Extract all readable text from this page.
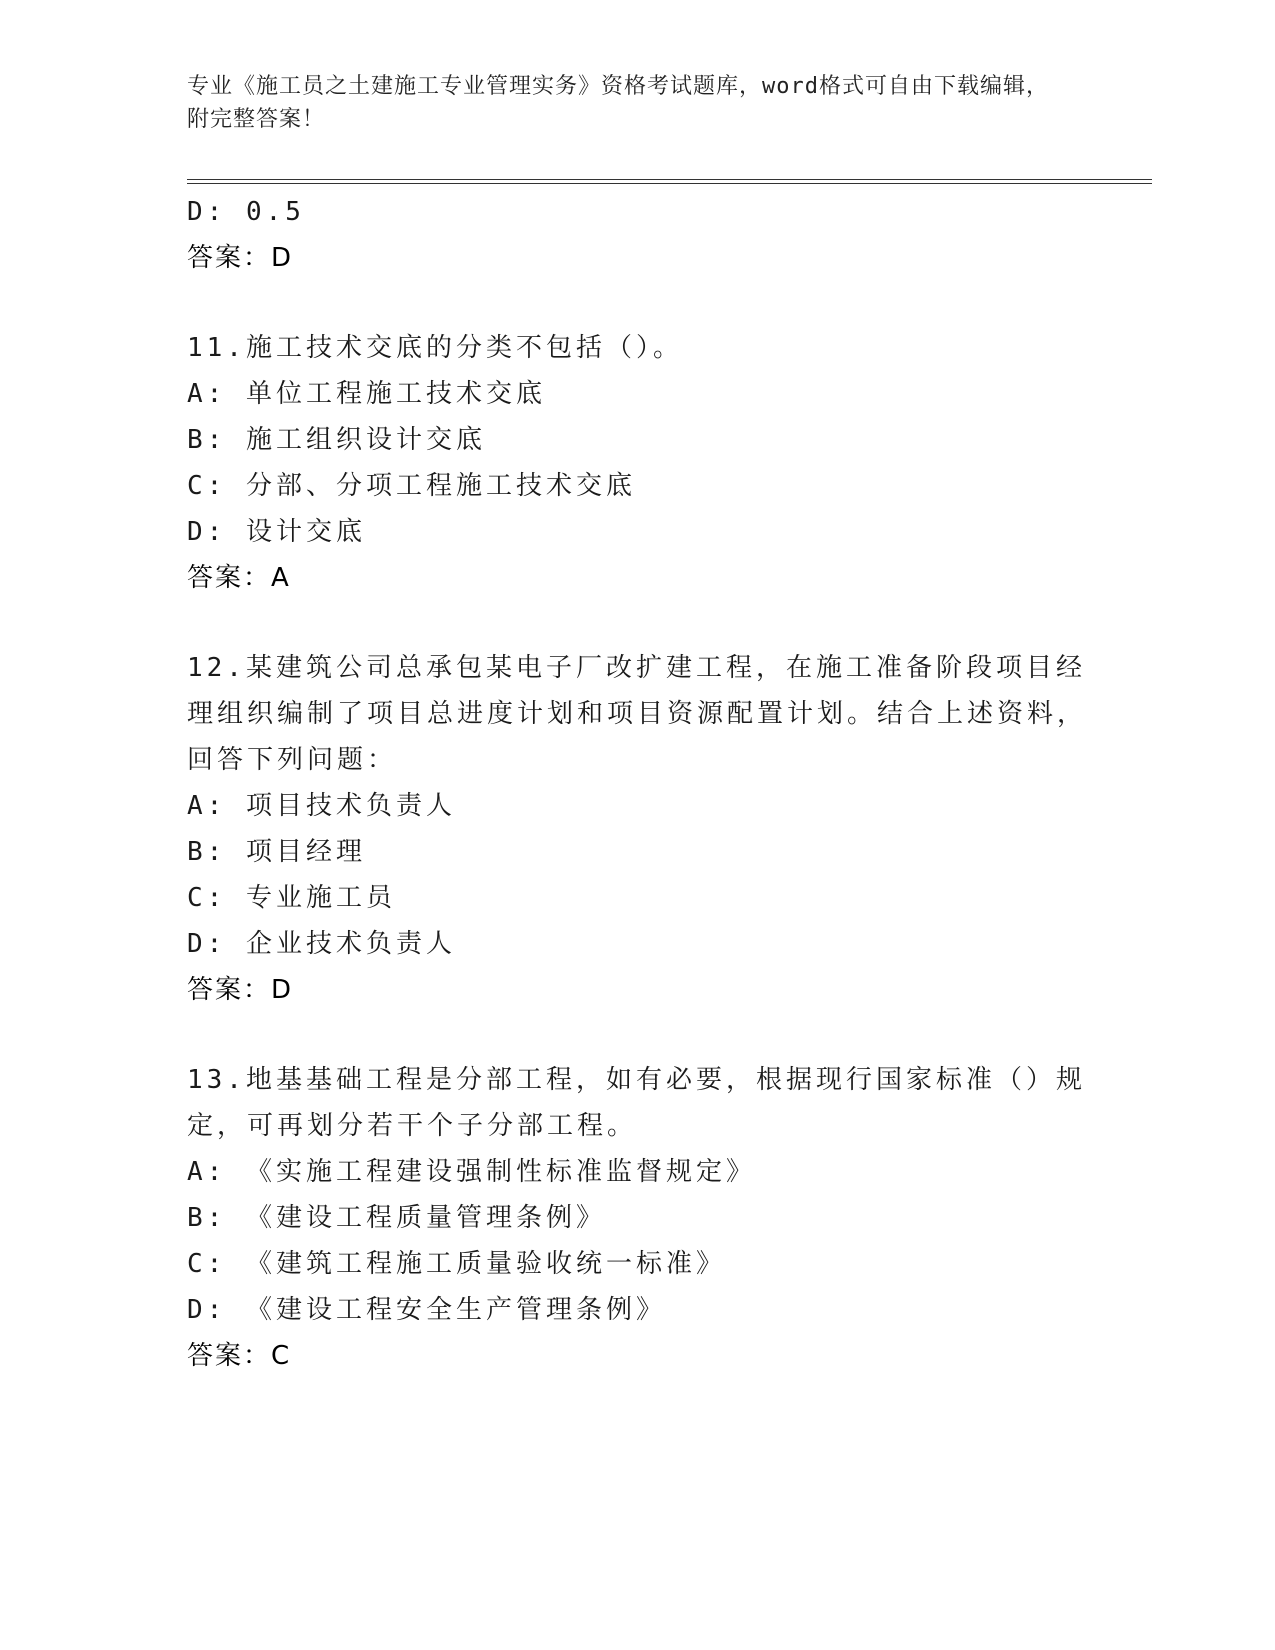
专业《施工员之土建施工专业管理实务》资格考试题库，word格式可自由下载编辑，附完整答案！
D: 0.5
答案：D
11.施工技术交底的分类不包括（）。
A: 单位工程施工技术交底
B: 施工组织设计交底
C: 分部、分项工程施工技术交底
D: 设计交底
答案：A
12.某建筑公司总承包某电子厂改扩建工程，在施工准备阶段项目经理组织编制了项目总进度计划和项目资源配置计划。结合上述资料，回答下列问题：
A: 项目技术负责人
B: 项目经理
C: 专业施工员
D: 企业技术负责人
答案：D
13.地基基础工程是分部工程，如有必要，根据现行国家标准（）规定，可再划分若干个子分部工程。
A: 《实施工程建设强制性标准监督规定》
B: 《建设工程质量管理条例》
C: 《建筑工程施工质量验收统一标准》
D: 《建设工程安全生产管理条例》
答案：C
